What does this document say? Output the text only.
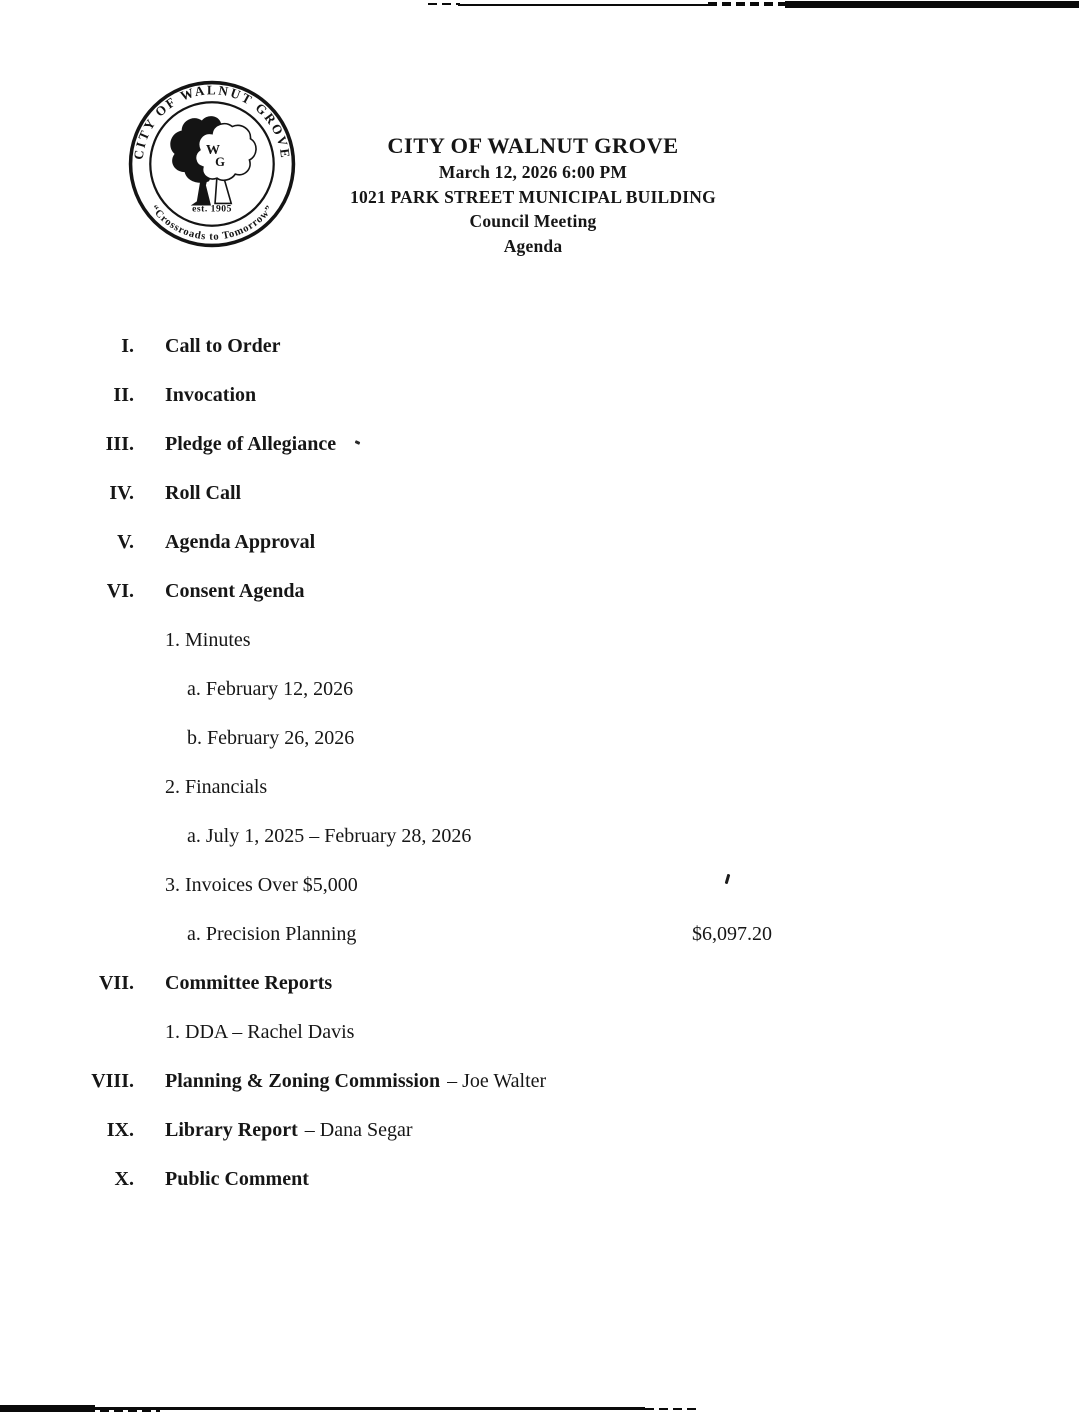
CITY OF WALNUT GROVE
“Crossroads to Tomorrow”
W
G
est. 1905
CITY OF WALNUT GROVE
March 12, 2026 6:00 PM
1021 PARK STREET MUNICIPAL BUILDING
Council Meeting
Agenda
I. Call to Order
II. Invocation
III. Pledge of Allegiance
IV. Roll Call
V. Agenda Approval
VI. Consent Agenda
1. Minutes
a. February 12, 2026
b. February 26, 2026
2. Financials
a. July 1, 2025 – February 28, 2026
3. Invoices Over $5,000
a. Precision Planning	$6,097.20
VII. Committee Reports
1. DDA – Rachel Davis
VIII. Planning & Zoning Commission – Joe Walter
IX. Library Report – Dana Segar
X. Public Comment
